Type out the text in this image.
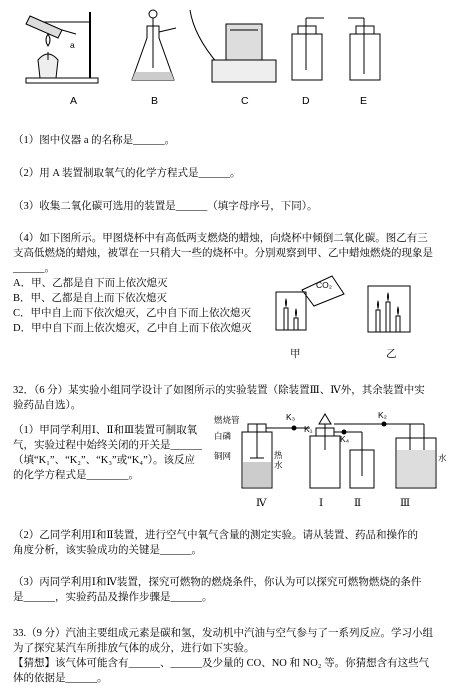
a
A	B	C	D	E
（1）图中仪器 a 的名称是______。
（2）用 A 装置制取氧气的化学方程式是______。
（3）收集二氧化碳可选用的装置是______（填字母序号，下同）。
（4）如下图所示。甲图烧杯中有高低两支燃烧的蜡烛，向烧杯中倾倒二氧化碳。图乙有三
支高低燃烧的蜡烛，被罩在一只稍大一些的烧杯中。分别观察到甲、乙中蜡烛燃烧的现象是
______。
A．甲、乙都是自下而上依次熄灭
B．甲、乙都是自上而下依次熄灭
C．甲中自上而下依次熄灭，乙中自下而上依次熄灭
D．甲中自下而上依次熄灭，乙中自上而下依次熄灭
CO₂
甲	乙
32．（6 分）某实验小组同学设计了如图所示的实验装置（除装置Ⅲ、Ⅳ外，其余装置中实
验药品自选）。
（1）甲同学利用Ⅰ、Ⅱ和Ⅲ装置可制取氧
气，实验过程中始终关闭的开关是______
（填“K₁”、“K₂”、“K₃”或“K₄”）。该反应
的化学方程式是________。
燃烧管
白磷
铜网	热水
水
K₃
K₄
K₂
K₁
Ⅳ	Ⅰ	Ⅱ	Ⅲ
（2）乙同学利用Ⅰ和Ⅱ装置，进行空气中氧气含量的测定实验。请从装置、药品和操作的
角度分析，该实验成功的关键是______。
（3）丙同学利用Ⅰ和Ⅳ装置，探究可燃物的燃烧条件，你认为可以探究可燃物燃烧的条件
是______，实验药品及操作步骤是______。
33.（9 分）汽油主要组成元素是碳和氢，发动机中汽油与空气参与了一系列反应。学习小组
为了探究某汽车所排放气体的成分，进行如下实验。
【猜想】该气体可能含有______、______及少量的 CO、NO 和 NO₂ 等。你猜想含有这些气
体的依据是______。
